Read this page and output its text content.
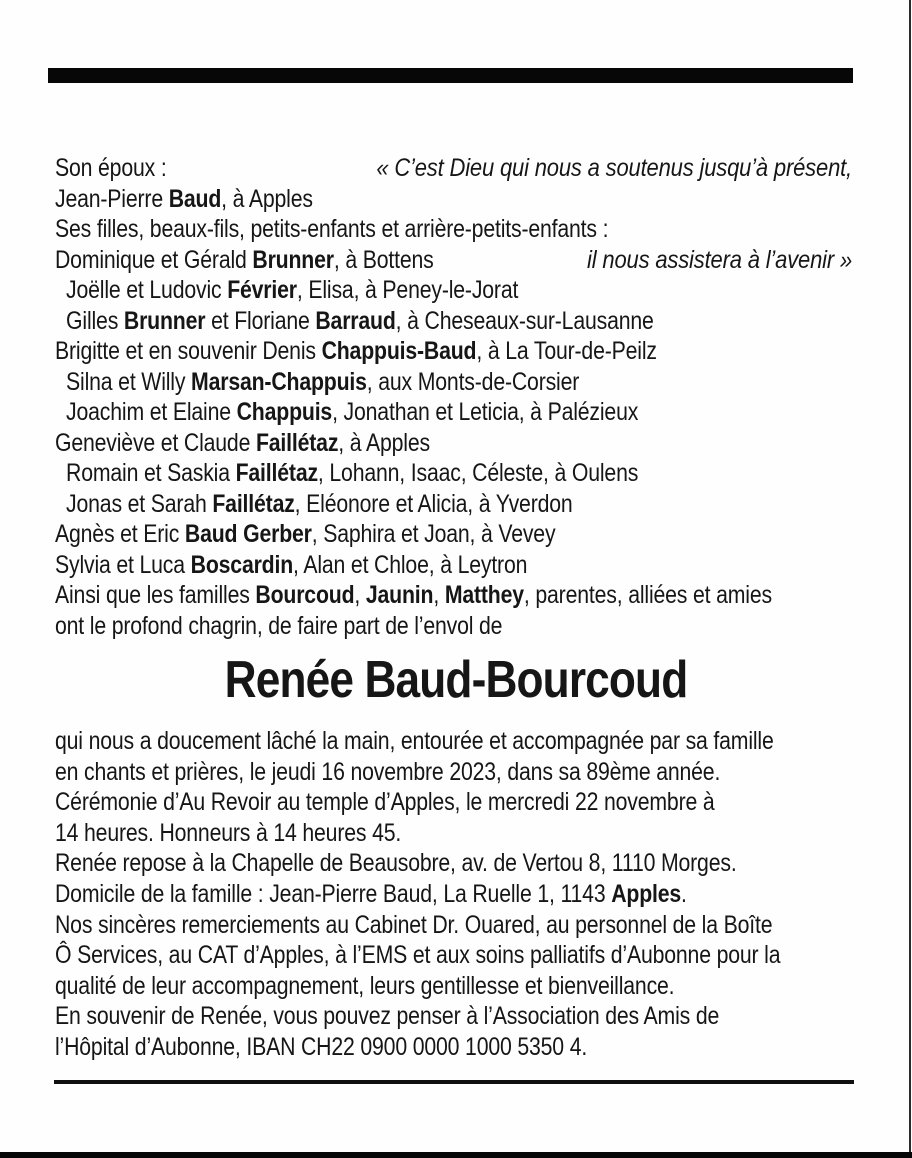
« C’est Dieu qui nous a soutenus jusqu’à présent,

il nous assistera à l’avenir »

Son époux :
Jean-Pierre Baud, à Apples
Ses filles, beaux-fils, petits-enfants et arrière-petits-enfants :
Dominique et Gérald Brunner, à Bottens
Joëlle et Ludovic Février, Elisa, à Peney-le-Jorat
Gilles Brunner et Floriane Barraud, à Cheseaux-sur-Lausanne
Brigitte et en souvenir Denis Chappuis-Baud, à La Tour-de-Peilz
Silna et Willy Marsan-Chappuis, aux Monts-de-Corsier
Joachim et Elaine Chappuis, Jonathan et Leticia, à Palézieux
Geneviève et Claude Faillétaz, à Apples
Romain et Saskia Faillétaz, Lohann, Isaac, Céleste, à Oulens
Jonas et Sarah Faillétaz, Eléonore et Alicia, à Yverdon
Agnès et Eric Baud Gerber, Saphira et Joan, à Vevey
Sylvia et Luca Boscardin, Alan et Chloe, à Leytron
Ainsi que les familles Bourcoud, Jaunin, Matthey, parentes, alliées et amies
ont le profond chagrin, de faire part de l’envol de
Renée Baud-Bourcoud
qui nous a doucement lâché la main, entourée et accompagnée par sa famille
en chants et prières, le jeudi 16 novembre 2023, dans sa 89ème année.
Cérémonie d’Au Revoir au temple d’Apples, le mercredi 22 novembre à
14 heures. Honneurs à 14 heures 45.
Renée repose à la Chapelle de Beausobre, av. de Vertou 8, 1110 Morges.
Domicile de la famille : Jean-Pierre Baud, La Ruelle 1, 1143 Apples.
Nos sincères remerciements au Cabinet Dr. Ouared, au personnel de la Boîte
Ô Services, au CAT d’Apples, à l’EMS et aux soins palliatifs d’Aubonne pour la
qualité de leur accompagnement, leurs gentillesse et bienveillance.
En souvenir de Renée, vous pouvez penser à l’Association des Amis de
l’Hôpital d’Aubonne, IBAN CH22 0900 0000 1000 5350 4.
